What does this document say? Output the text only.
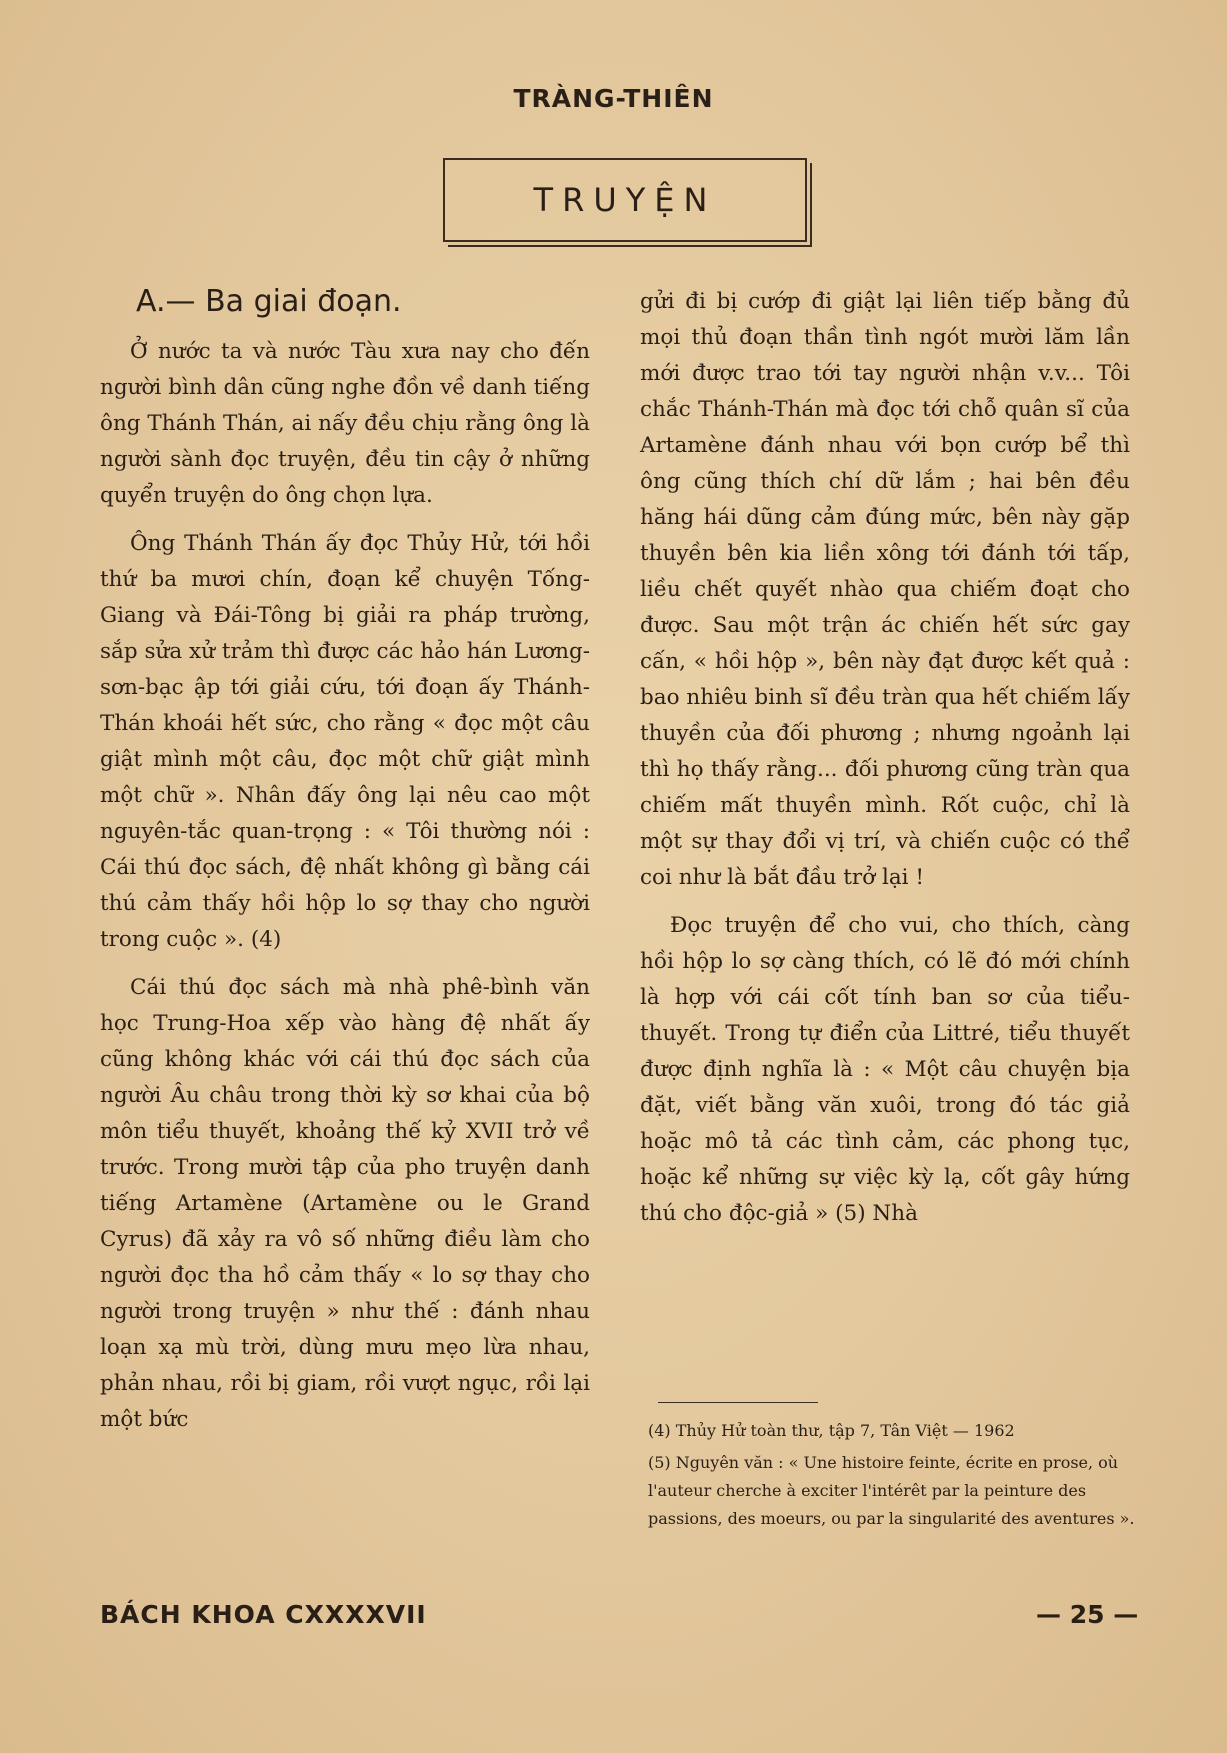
TRÀNG-THIÊN
TRUYỆN
A.— Ba giai đoạn.

Ở nước ta và nước Tàu xưa nay cho đến người bình dân cũng nghe đồn về danh tiếng ông Thánh Thán, ai nấy đều chịu rằng ông là người sành đọc truyện, đều tin cậy ở những quyển truyện do ông chọn lựa.

Ông Thánh Thán ấy đọc Thủy Hử, tới hồi thứ ba mươi chín, đoạn kể chuyện Tống-Giang và Đái-Tông bị giải ra pháp trường, sắp sửa xử trảm thì được các hảo hán Lương-sơn-bạc ập tới giải cứu, tới đoạn ấy Thánh-Thán khoái hết sức, cho rằng « đọc một câu giật mình một câu, đọc một chữ giật mình một chữ ». Nhân đấy ông lại nêu cao một nguyên-tắc quan-trọng : « Tôi thường nói : Cái thú đọc sách, đệ nhất không gì bằng cái thú cảm thấy hồi hộp lo sợ thay cho người trong cuộc ». (4)

Cái thú đọc sách mà nhà phê-bình văn học Trung-Hoa xếp vào hàng đệ nhất ấy cũng không khác với cái thú đọc sách của người Âu châu trong thời kỳ sơ khai của bộ môn tiểu thuyết, khoảng thế kỷ XVII trở về trước. Trong mười tập của pho truyện danh tiếng Artamène (Artamène ou le Grand Cyrus) đã xảy ra vô số những điều làm cho người đọc tha hồ cảm thấy « lo sợ thay cho người trong truyện » như thế : đánh nhau loạn xạ mù trời, dùng mưu mẹo lừa nhau, phản nhau, rồi bị giam, rồi vượt ngục, rồi lại một bức

gửi đi bị cướp đi giật lại liên tiếp bằng đủ mọi thủ đoạn thần tình ngót mười lăm lần mới được trao tới tay người nhận v.v... Tôi chắc Thánh-Thán mà đọc tới chỗ quân sĩ của Artamène đánh nhau với bọn cướp bể thì ông cũng thích chí dữ lắm ; hai bên đều hăng hái dũng cảm đúng mức, bên này gặp thuyền bên kia liền xông tới đánh tới tấp, liều chết quyết nhào qua chiếm đoạt cho được. Sau một trận ác chiến hết sức gay cấn, « hồi hộp », bên này đạt được kết quả : bao nhiêu binh sĩ đều tràn qua hết chiếm lấy thuyền của đối phương ; nhưng ngoảnh lại thì họ thấy rằng... đối phương cũng tràn qua chiếm mất thuyền mình. Rốt cuộc, chỉ là một sự thay đổi vị trí, và chiến cuộc có thể coi như là bắt đầu trở lại !

Đọc truyện để cho vui, cho thích, càng hồi hộp lo sợ càng thích, có lẽ đó mới chính là hợp với cái cốt tính ban sơ của tiểu-thuyết. Trong tự điển của Littré, tiểu thuyết được định nghĩa là : « Một câu chuyện bịa đặt, viết bằng văn xuôi, trong đó tác giả hoặc mô tả các tình cảm, các phong tục, hoặc kể những sự việc kỳ lạ, cốt gây hứng thú cho độc-giả » (5) Nhà

(4) Thủy Hử toàn thư, tập 7, Tân Việt — 1962

(5) Nguyên văn : « Une histoire feinte, écrite en prose, où l'auteur cherche à exciter l'intérêt par la peinture des passions, des moeurs, ou par la singularité des aventures ».

BÁCH KHOA CXXXXVII	— 25 —
